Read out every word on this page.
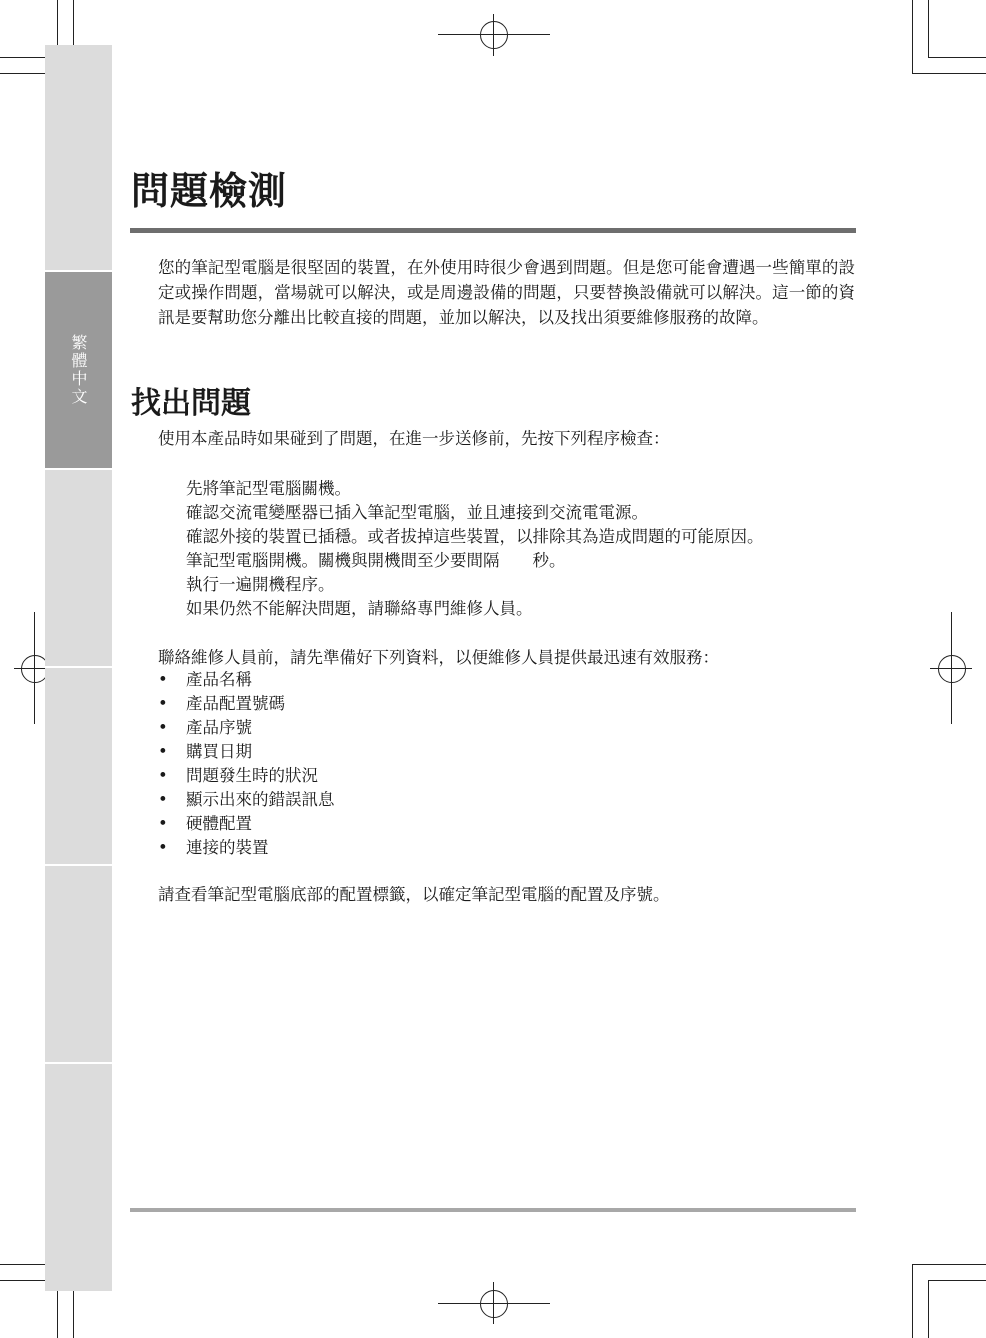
繁體中文
問題檢測

您的筆記型電腦是很堅固的裝置，在外使用時很少會遇到問題。但是您可能會遭遇一些簡單的設定或操作問題，當場就可以解決，或是周邊設備的問題，只要替換設備就可以解決。這一節的資訊是要幫助您分離出比較直接的問題，並加以解決，以及找出須要維修服務的故障。

找出問題

使用本產品時如果碰到了問題，在進一步送修前，先按下列程序檢查：

先將筆記型電腦關機。
確認交流電變壓器已插入筆記型電腦，並且連接到交流電電源。
確認外接的裝置已插穩。或者拔掉這些裝置，以排除其為造成問題的可能原因。
筆記型電腦開機。關機與開機間至少要間隔　　秒。
執行一遍開機程序。
如果仍然不能解決問題，請聯絡專門維修人員。

聯絡維修人員前，請先準備好下列資料，以便維修人員提供最迅速有效服務：

• 產品名稱
• 產品配置號碼
• 產品序號
• 購買日期
• 問題發生時的狀況
• 顯示出來的錯誤訊息
• 硬體配置
• 連接的裝置

請查看筆記型電腦底部的配置標籤，以確定筆記型電腦的配置及序號。
